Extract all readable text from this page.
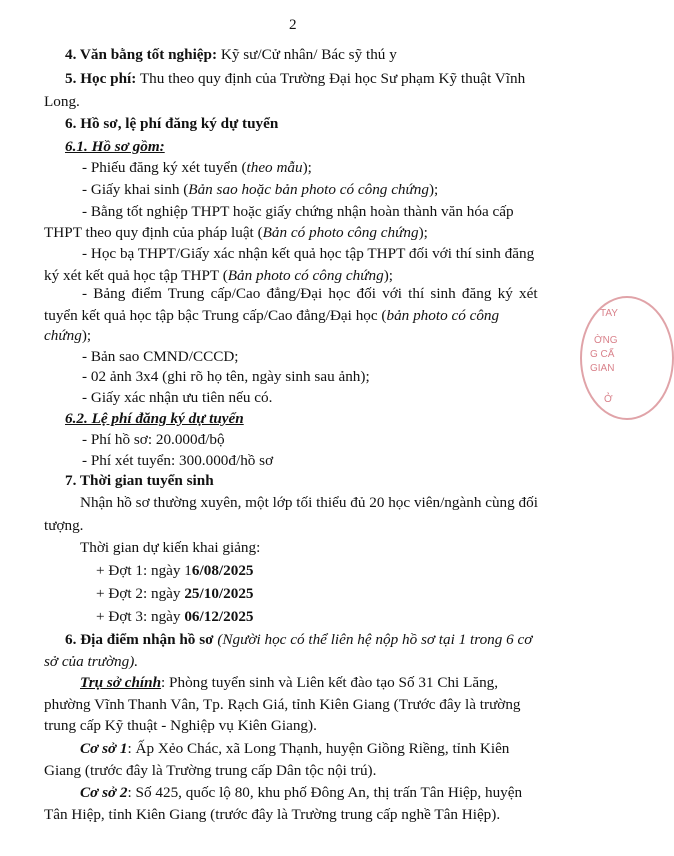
2
4. Văn bằng tốt nghiệp: Kỹ sư/Cử nhân/ Bác sỹ thú y
5. Học phí: Thu theo quy định của Trường Đại học Sư phạm Kỹ thuật Vĩnh
Long.
6. Hồ sơ, lệ phí đăng ký dự tuyển
6.1. Hồ sơ gồm:
- Phiếu đăng ký xét tuyển (theo mẫu);
- Giấy khai sinh (Bản sao hoặc bản photo có công chứng);
- Bằng tốt nghiệp THPT hoặc giấy chứng nhận hoàn thành văn hóa cấp
THPT theo quy định của pháp luật (Bản có photo công chứng);
- Học bạ THPT/Giấy xác nhận kết quả học tập THPT đối với thí sinh đăng
ký xét kết quả học tập THPT (Bản photo có công chứng);
- Bảng điểm Trung cấp/Cao đẳng/Đại học đối với thí sinh đăng ký xét
tuyển kết quả học tập bậc Trung cấp/Cao đẳng/Đại học (bản photo có công
chứng);
- Bản sao CMND/CCCD;
- 02 ảnh 3x4 (ghi rõ họ tên, ngày sinh sau ảnh);
- Giấy xác nhận ưu tiên nếu có.
6.2. Lệ phí đăng ký dự tuyển
- Phí hồ sơ: 20.000đ/bộ
- Phí xét tuyển: 300.000đ/hồ sơ
7. Thời gian tuyển sinh
Nhận hồ sơ thường xuyên, một lớp tối thiểu đủ 20 học viên/ngành cùng đối
tượng.
Thời gian dự kiến khai giảng:
+ Đợt 1: ngày 16/08/2025
+ Đợt 2: ngày 25/10/2025
+ Đợt 3: ngày 06/12/2025
6. Địa điểm nhận hồ sơ (Người học có thể liên hệ nộp hồ sơ tại 1 trong 6 cơ
sở của trường).
Trụ sở chính: Phòng tuyển sinh và Liên kết đào tạo Số 31 Chi Lăng,
phường Vĩnh Thanh Vân, Tp. Rạch Giá, tỉnh Kiên Giang (Trước đây là trường
trung cấp Kỹ thuật - Nghiệp vụ Kiên Giang).
Cơ sở 1: Ấp Xẻo Chác, xã Long Thạnh, huyện Giồng Riềng, tỉnh Kiên
Giang (trước đây là Trường trung cấp Dân tộc nội trú).
Cơ sở 2: Số 425, quốc lộ 80, khu phố Đông An, thị trấn Tân Hiệp, huyện
Tân Hiệp, tỉnh Kiên Giang (trước đây là Trường trung cấp nghề Tân Hiệp).
TAY
ỜNG
G CẤ
GIAN
Ở
